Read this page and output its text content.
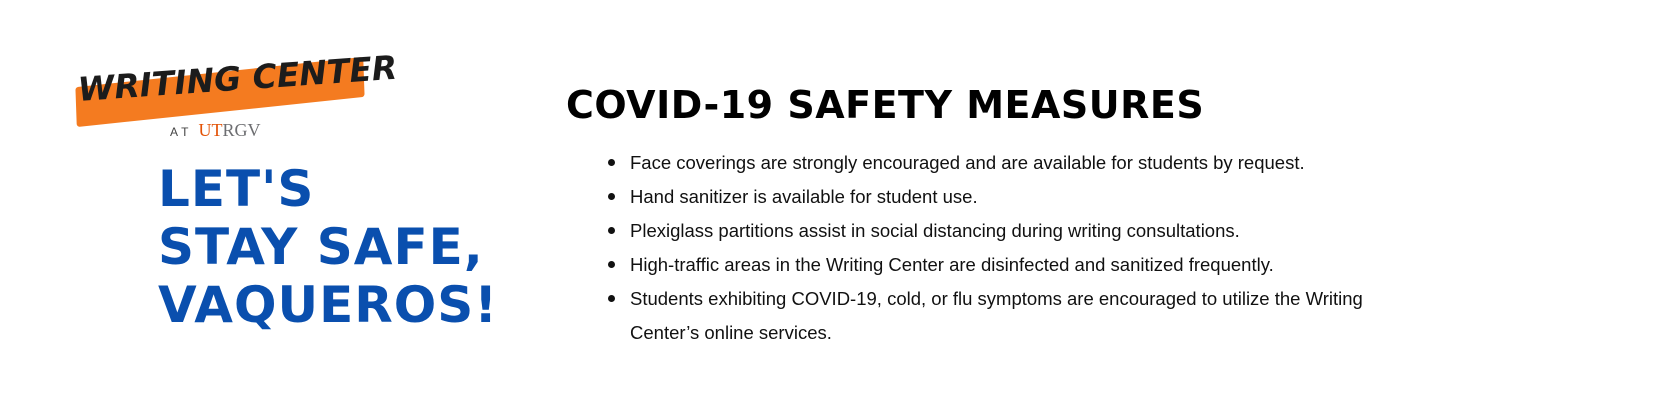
WRITING CENTER
AT UT RGV
LET'S
STAY SAFE,
VAQUEROS!
COVID-19 SAFETY MEASURES
Face coverings are strongly encouraged and are available for students by request.
Hand sanitizer is available for student use.
Plexiglass partitions assist in social distancing during writing consultations.
High-traffic areas in the Writing Center are disinfected and sanitized frequently.
Students exhibiting COVID-19, cold, or flu symptoms are encouraged to utilize the Writing Center’s online services.
